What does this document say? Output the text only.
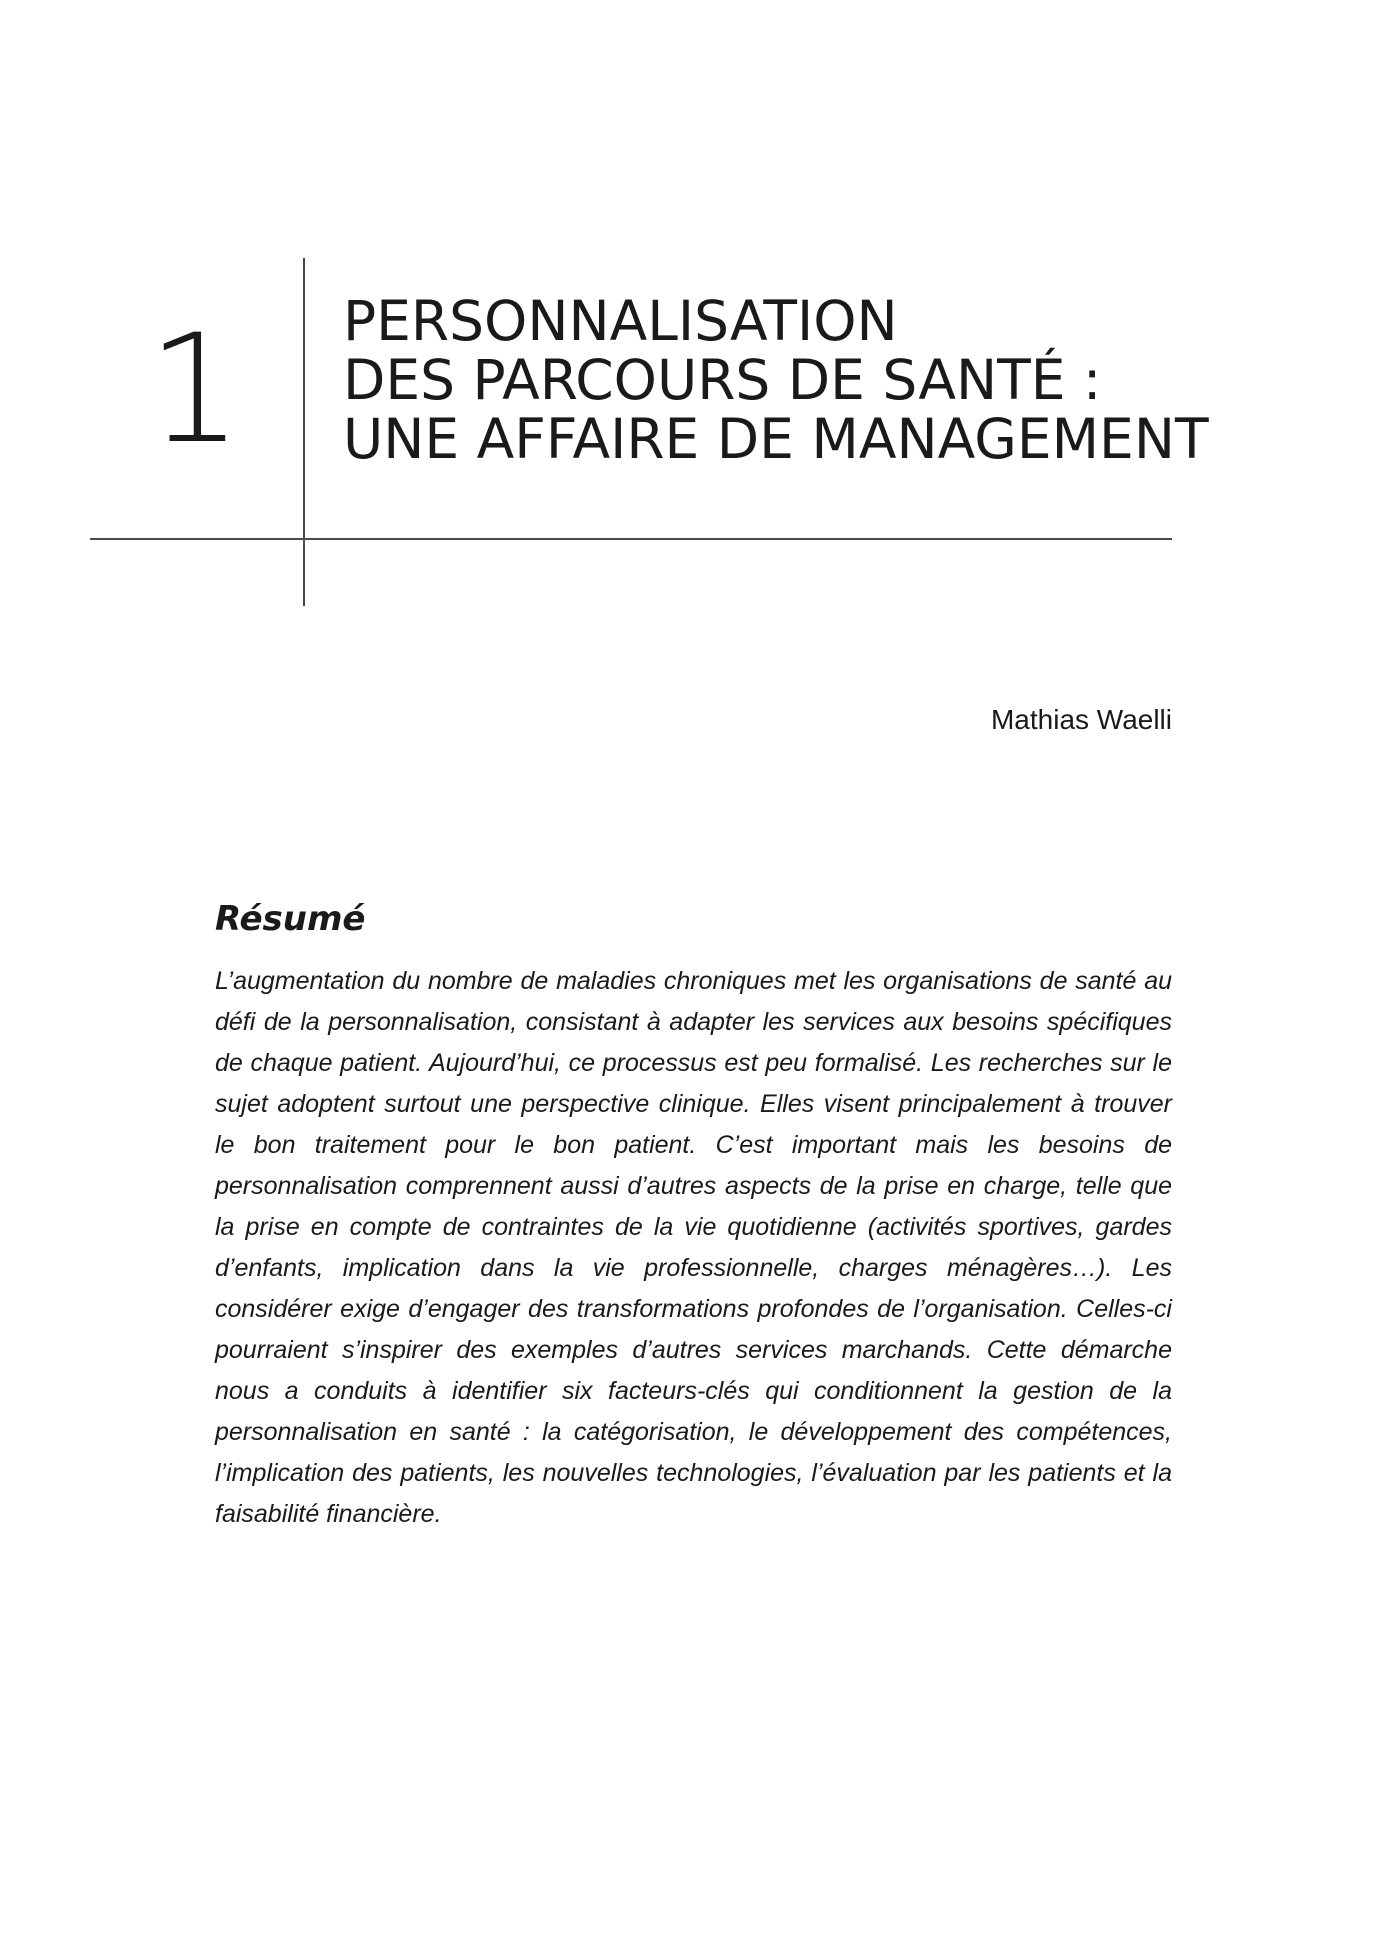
1 PERSONNALISATION
DES PARCOURS DE SANTÉ :
UNE AFFAIRE DE MANAGEMENT
Mathias Waelli
Résumé

L’augmentation du nombre de maladies chroniques met les organisations de santé au défi de la personnalisation, consistant à adapter les services aux besoins spécifiques de chaque patient. Aujourd’hui, ce processus est peu formalisé. Les recherches sur le sujet adoptent surtout une perspective clinique. Elles visent principalement à trouver le bon traitement pour le bon patient. C’est important mais les besoins de personnalisation comprennent aussi d’autres aspects de la prise en charge, telle que la prise en compte de contraintes de la vie quotidienne (activités sportives, gardes d’enfants, implication dans la vie professionnelle, charges ménagères…). Les considérer exige d’engager des transformations profondes de l’organisation. Celles-ci pourraient s’inspirer des exemples d’autres services marchands. Cette démarche nous a conduits à identifier six facteurs-clés qui conditionnent la gestion de la personnalisation en santé : la catégorisation, le développement des compétences, l’implication des patients, les nouvelles technologies, l’évaluation par les patients et la faisabilité financière.
